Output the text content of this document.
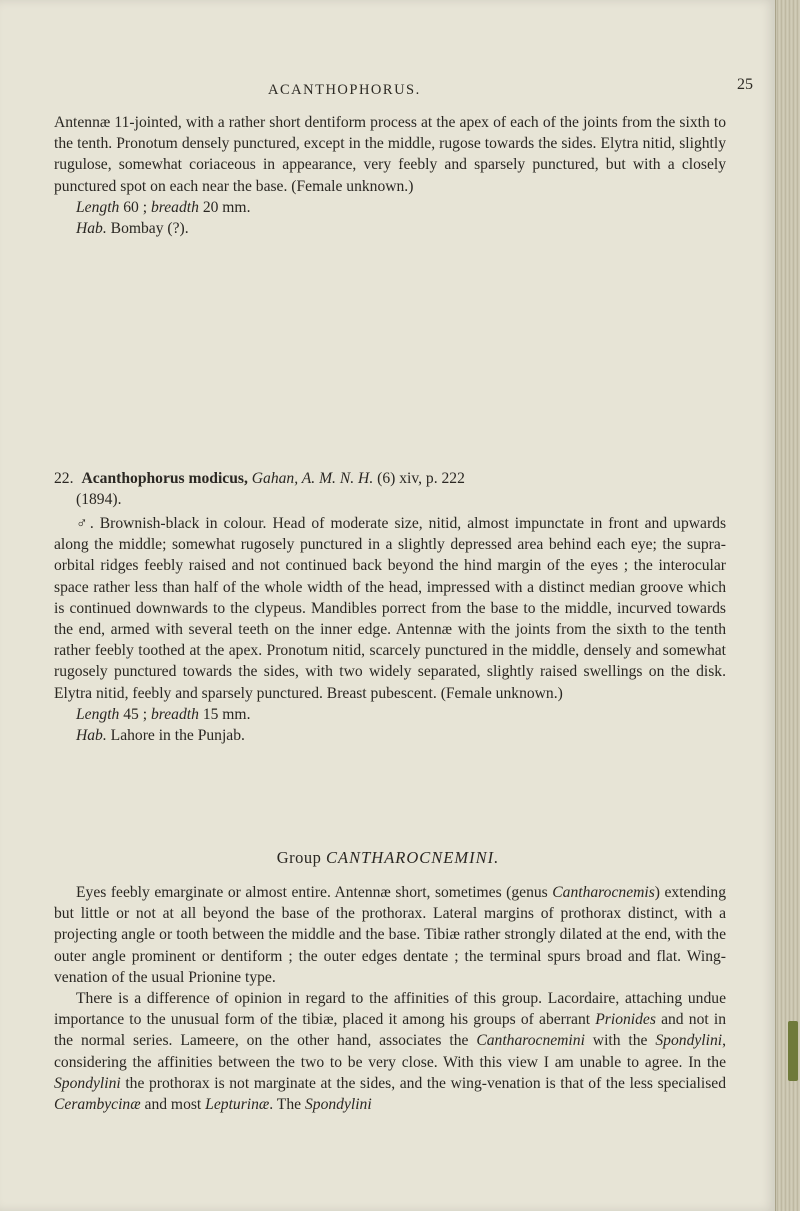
ACANTHOPHORUS.	25

Antennæ 11-jointed, with a rather short dentiform process at the apex of each of the joints from the sixth to the tenth. Pronotum densely punctured, except in the middle, rugose towards the sides. Elytra nitid, slightly rugulose, somewhat coriaceous in appearance, very feebly and sparsely punctured, but with a closely punctured spot on each near the base. (Female unknown.)

Length 60 ; breadth 20 mm.

Hab. Bombay (?).

22. Acanthophorus modicus, Gahan, A. M. N. H. (6) xiv, p. 222
(1894).

♂. Brownish-black in colour. Head of moderate size, nitid, almost impunctate in front and upwards along the middle; somewhat rugosely punctured in a slightly depressed area behind each eye; the supra-orbital ridges feebly raised and not continued back beyond the hind margin of the eyes ; the interocular space rather less than half of the whole width of the head, impressed with a distinct median groove which is continued downwards to the clypeus. Mandibles porrect from the base to the middle, incurved towards the end, armed with several teeth on the inner edge. Antennæ with the joints from the sixth to the tenth rather feebly toothed at the apex. Pronotum nitid, scarcely punctured in the middle, densely and somewhat rugosely punctured towards the sides, with two widely separated, slightly raised swellings on the disk. Elytra nitid, feebly and sparsely punctured. Breast pubescent. (Female unknown.)

Length 45 ; breadth 15 mm.

Hab. Lahore in the Punjab.

Group CANTHAROCNEMINI.

Eyes feebly emarginate or almost entire. Antennæ short, sometimes (genus Cantharocnemis) extending but little or not at all beyond the base of the prothorax. Lateral margins of prothorax distinct, with a projecting angle or tooth between the middle and the base. Tibiæ rather strongly dilated at the end, with the outer angle prominent or dentiform ; the outer edges dentate ; the terminal spurs broad and flat. Wing-venation of the usual Prionine type.

There is a difference of opinion in regard to the affinities of this group. Lacordaire, attaching undue importance to the unusual form of the tibiæ, placed it among his groups of aberrant Prionides and not in the normal series. Lameere, on the other hand, associates the Cantharocnemini with the Spondylini, considering the affinities between the two to be very close. With this view I am unable to agree. In the Spondylini the prothorax is not marginate at the sides, and the wing-venation is that of the less specialised Cerambycinæ and most Lepturinæ. The Spondylini
